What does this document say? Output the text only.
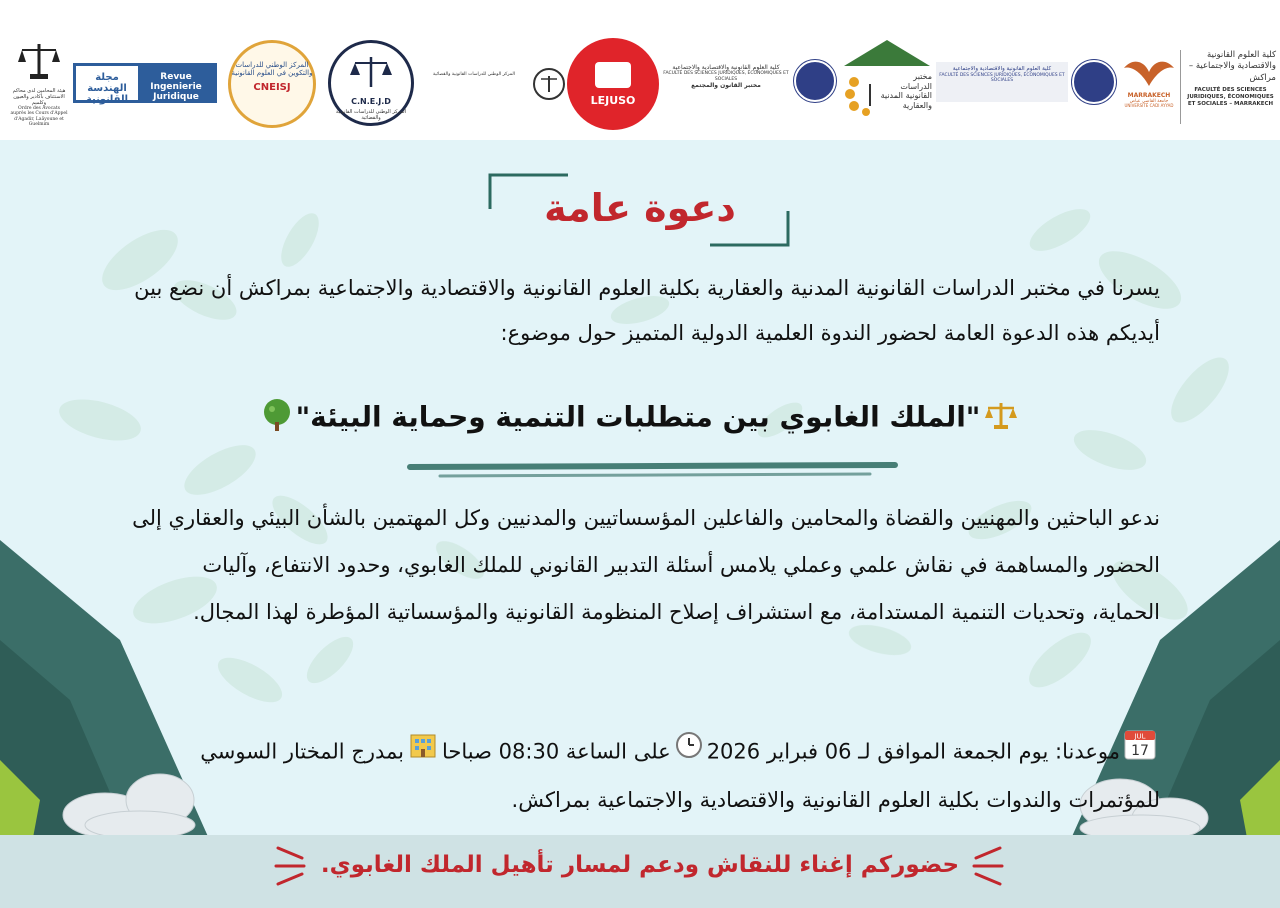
هيئة المحامين لدى محاكم الاستئناف بأكادير والعيون وكلميم
Ordre des Avocats auprès les Cours d'Appel d'Agadir, Laâyoune et Guelmim
مجلة الهندسة القانونية
Revue Ingenierie Juridique
المركز الوطني للدراسات والتكوين في العلوم القانونية
CNEISJ
C.N.E.J.D
المركز الوطني للدراسات القانونية والقضائية
المركز الوطني للدراسات القانونية والقضائية
LEJUSO
كلية العلوم القانونية والاقتصادية والاجتماعية
FACULTÉ DES SCIENCES JURIDIQUES, ÉCONOMIQUES ET SOCIALES
مختبر القانون والمجتمع
مختبر الدراسات القانونية المدنية والعقارية
كلية العلوم القانونية والاقتصادية والاجتماعية
FACULTÉ DES SCIENCES JURIDIQUES, ÉCONOMIQUES ET SOCIALES
MARRAKECH
جامعة القاضي عياض
UNIVERSITÉ CADI AYYAD
كلية العلوم القانونية والاقتصادية والاجتماعية – مراكش
FACULTÉ DES SCIENCES JURIDIQUES, ÉCONOMIQUES ET SOCIALES – MARRAKECH
دعوة عامة
يسرنا في مختبر الدراسات القانونية المدنية والعقارية بكلية العلوم القانونية والاقتصادية والاجتماعية بمراكش أن نضع بين أيديكم هذه الدعوة العامة لحضور الندوة العلمية الدولية المتميز حول موضوع:
"الملك الغابوي بين متطلبات التنمية وحماية البيئة"
ندعو الباحثين والمهنيين والقضاة والمحامين والفاعلين المؤسساتيين والمدنيين وكل المهتمين بالشأن البيئي والعقاري إلى الحضور والمساهمة في نقاش علمي وعملي يلامس أسئلة التدبير القانوني للملك الغابوي، وحدود الانتفاع، وآليات الحماية، وتحديات التنمية المستدامة، مع استشراف إصلاح المنظومة القانونية والمؤسساتية المؤطرة لهذا المجال.
JUL
17
موعدنا: يوم الجمعة الموافق لـ 06 فبراير 2026على الساعة 08:30 صباحابمدرج المختار السوسي للمؤتمرات والندوات بكلية العلوم القانونية والاقتصادية والاجتماعية بمراكش.
حضوركم إغناء للنقاش ودعم لمسار تأهيل الملك الغابوي.
